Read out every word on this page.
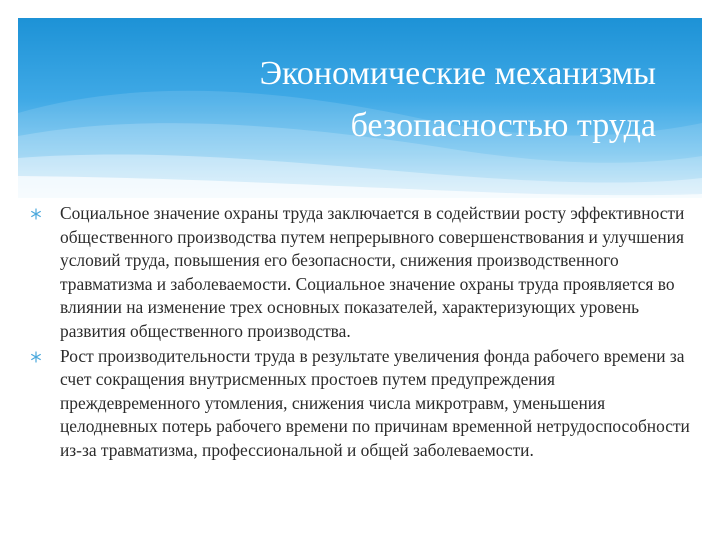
Экономические механизмы
безопасностью труда

Социальное значение охраны труда заключается в содействии росту эффективности общественного производства путем непрерывного совершенствования и улучшения условий труда, повышения его безопасности, снижения производственного травматизма и заболеваемости. Социальное значение охраны труда проявляется во влиянии на изменение трех основных показателей, характеризующих уровень развития общественного производства.

Рост производительности труда в результате увеличения фонда рабочего времени за счет сокращения внутрисменных простоев путем предупреждения преждевременного утомления, снижения числа микротравм, уменьшения целодневных потерь рабочего времени по причинам временной нетрудоспособности из-за травматизма, профессиональной и общей заболеваемости.
